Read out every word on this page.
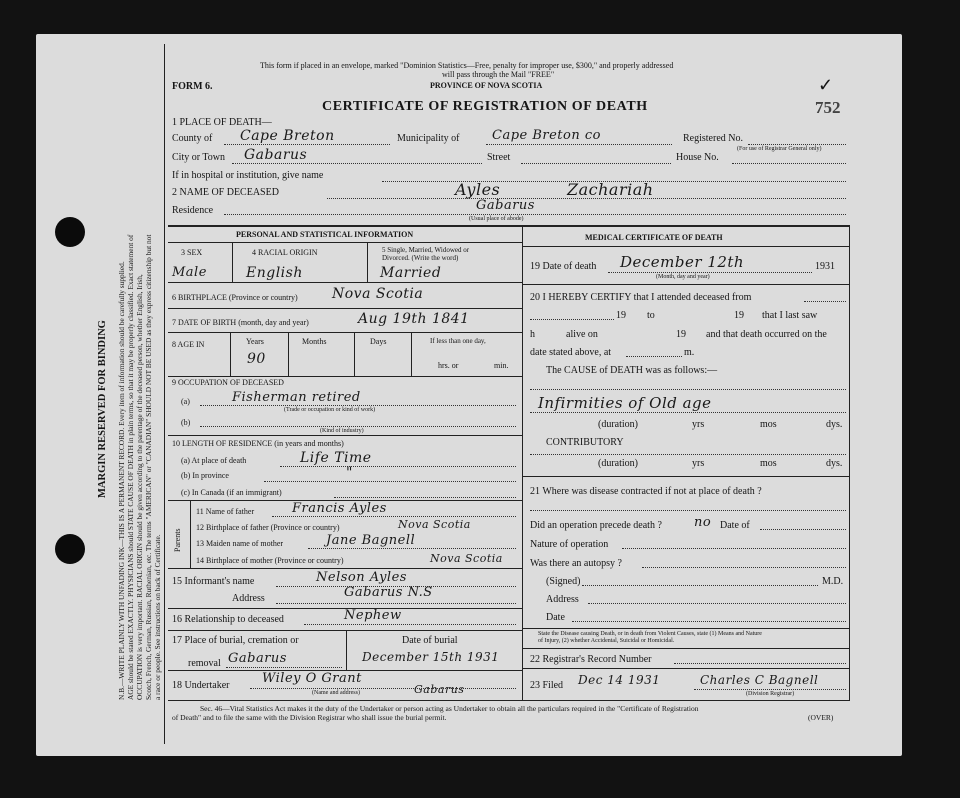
MARGIN RESERVED FOR BINDING N.B.—WRITE PLAINLY WITH UNFADING INK—THIS IS A PERMANENT RECORD. Every item of information should be carefully supplied. AGE should be stated EXACTLY. PHYSICIANS should STATE CAUSE OF DEATH in plain terms, so that it may be properly classified. Exact statement of OCCUPATION is very important. RACIAL ORIGIN should be given according to the parentage of the deceased person, whether English, Irish, Scotch, French, German, Russian, Ruthenian, etc. The terms "AMERICAN" or "CANADIAN" SHOULD NOT BE USED as they express citizenship but not a race or people. See instructions on back of Certificate.
This form if placed in an envelope, marked "Dominion Statistics—Free, penalty for improper use, $300," and properly addressed
will pass through the Mail "FREE"
PROVINCE OF NOVA SCOTIA
FORM 6.
CERTIFICATE OF REGISTRATION OF DEATH	752
✓
1 PLACE OF DEATH—
County of Cape Breton	Municipality of	Cape Breton co	Registered No.
(For use of Registrar General only)
City or Town Gabarus	Street	House No.
If in hospital or institution, give name
2 NAME OF DECEASED	Ayles	Zachariah
Residence	Gabarus
(Usual place of abode)
PERSONAL AND STATISTICAL INFORMATION
3 SEX	4 RACIAL ORIGIN	5 Single, Married, Widowed or
Divorced. (Write the word)
Male	English	Married
6 BIRTHPLACE (Province or country) Nova Scotia
7 DATE OF BIRTH (month, day and year)	Aug 19th 1841
8 AGE IN	Years
90
Months	Days	If less than one day,
hrs. or	min.
9 OCCUPATION OF DECEASED
(a)	Fisherman retired
(Trade or occupation or kind of work)
(b)
(Kind of industry)
10 LENGTH OF RESIDENCE (in years and months)
(a) At place of death	Life Time
(b) In province	"
(c) In Canada (if an immigrant)
Parents
11 Name of father	Francis Ayles
12 Birthplace of father (Province or country)	Nova Scotia
13 Maiden name of mother	Jane Bagnell
14 Birthplace of mother (Province or country)	Nova Scotia
15 Informant's name	Nelson Ayles
Address	Gabarus N.S
16 Relationship to deceased	Nephew
17 Place of burial, cremation or
removal Gabarus
Date of burial
December 15th 1931
18 Undertaker	Wiley O Grant
(Name and address)	Gabarus
MEDICAL CERTIFICATE OF DEATH
19 Date of death December 12th	1931
(Month, day and year)
20 I HEREBY CERTIFY that I attended deceased from
19 to	19 that I last saw
h	alive on	19 and that death occurred on the
date stated above, at	m.
The CAUSE of DEATH was as follows:—
Infirmities of Old age
(duration)	yrs	mos	dys.
CONTRIBUTORY
(duration)	yrs	mos	dys.
21 Where was disease contracted if not at place of death ?
Did an operation precede death ? no Date of
Nature of operation
Was there an autopsy ?
(Signed)	M.D.
Address
Date
State the Disease causing Death, or in death from Violent Causes, state (1) Means and Nature
of Injury, (2) whether Accidental, Suicidal or Homicidal.
22 Registrar's Record Number
23 Filed Dec 14 1931	Charles C Bagnell
(Division Registrar)
Sec. 46—Vital Statistics Act makes it the duty of the Undertaker or person acting as Undertaker to obtain all the particulars required in the "Certificate of Registration
of Death" and to file the same with the Division Registrar who shall issue the burial permit.	(OVER)
